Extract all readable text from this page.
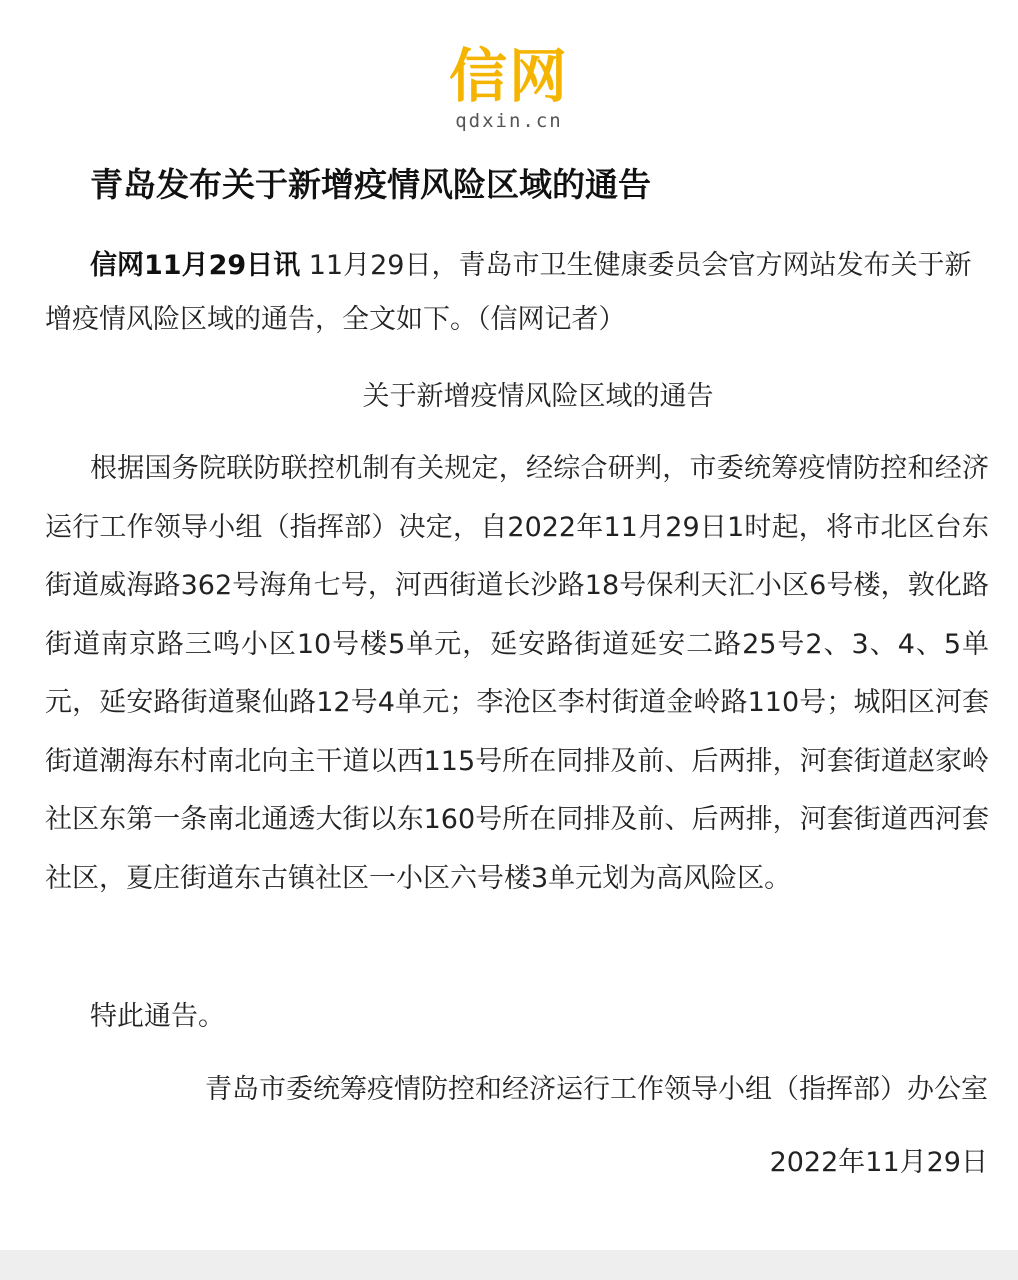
信网
qdxin.cn
青岛发布关于新增疫情风险区域的通告

信网11月29日讯 11月29日，青岛市卫生健康委员会官方网站发布关于新增疫情风险区域的通告，全文如下。（信网记者）

关于新增疫情风险区域的通告

根据国务院联防联控机制有关规定，经综合研判，市委统筹疫情防控和经济运行工作领导小组（指挥部）决定，自2022年11月29日1时起，将市北区台东街道威海路362号海角七号，河西街道长沙路18号保利天汇小区6号楼，敦化路街道南京路三鸣小区10号楼5单元，延安路街道延安二路25号2、3、4、5单元，延安路街道聚仙路12号4单元；李沧区李村街道金岭路110号；城阳区河套街道潮海东村南北向主干道以西115号所在同排及前、后两排，河套街道赵家岭社区东第一条南北通透大街以东160号所在同排及前、后两排，河套街道西河套社区，夏庄街道东古镇社区一小区六号楼3单元划为高风险区。

特此通告。
青岛市委统筹疫情防控和经济运行工作领导小组（指挥部）办公室
2022年11月29日
